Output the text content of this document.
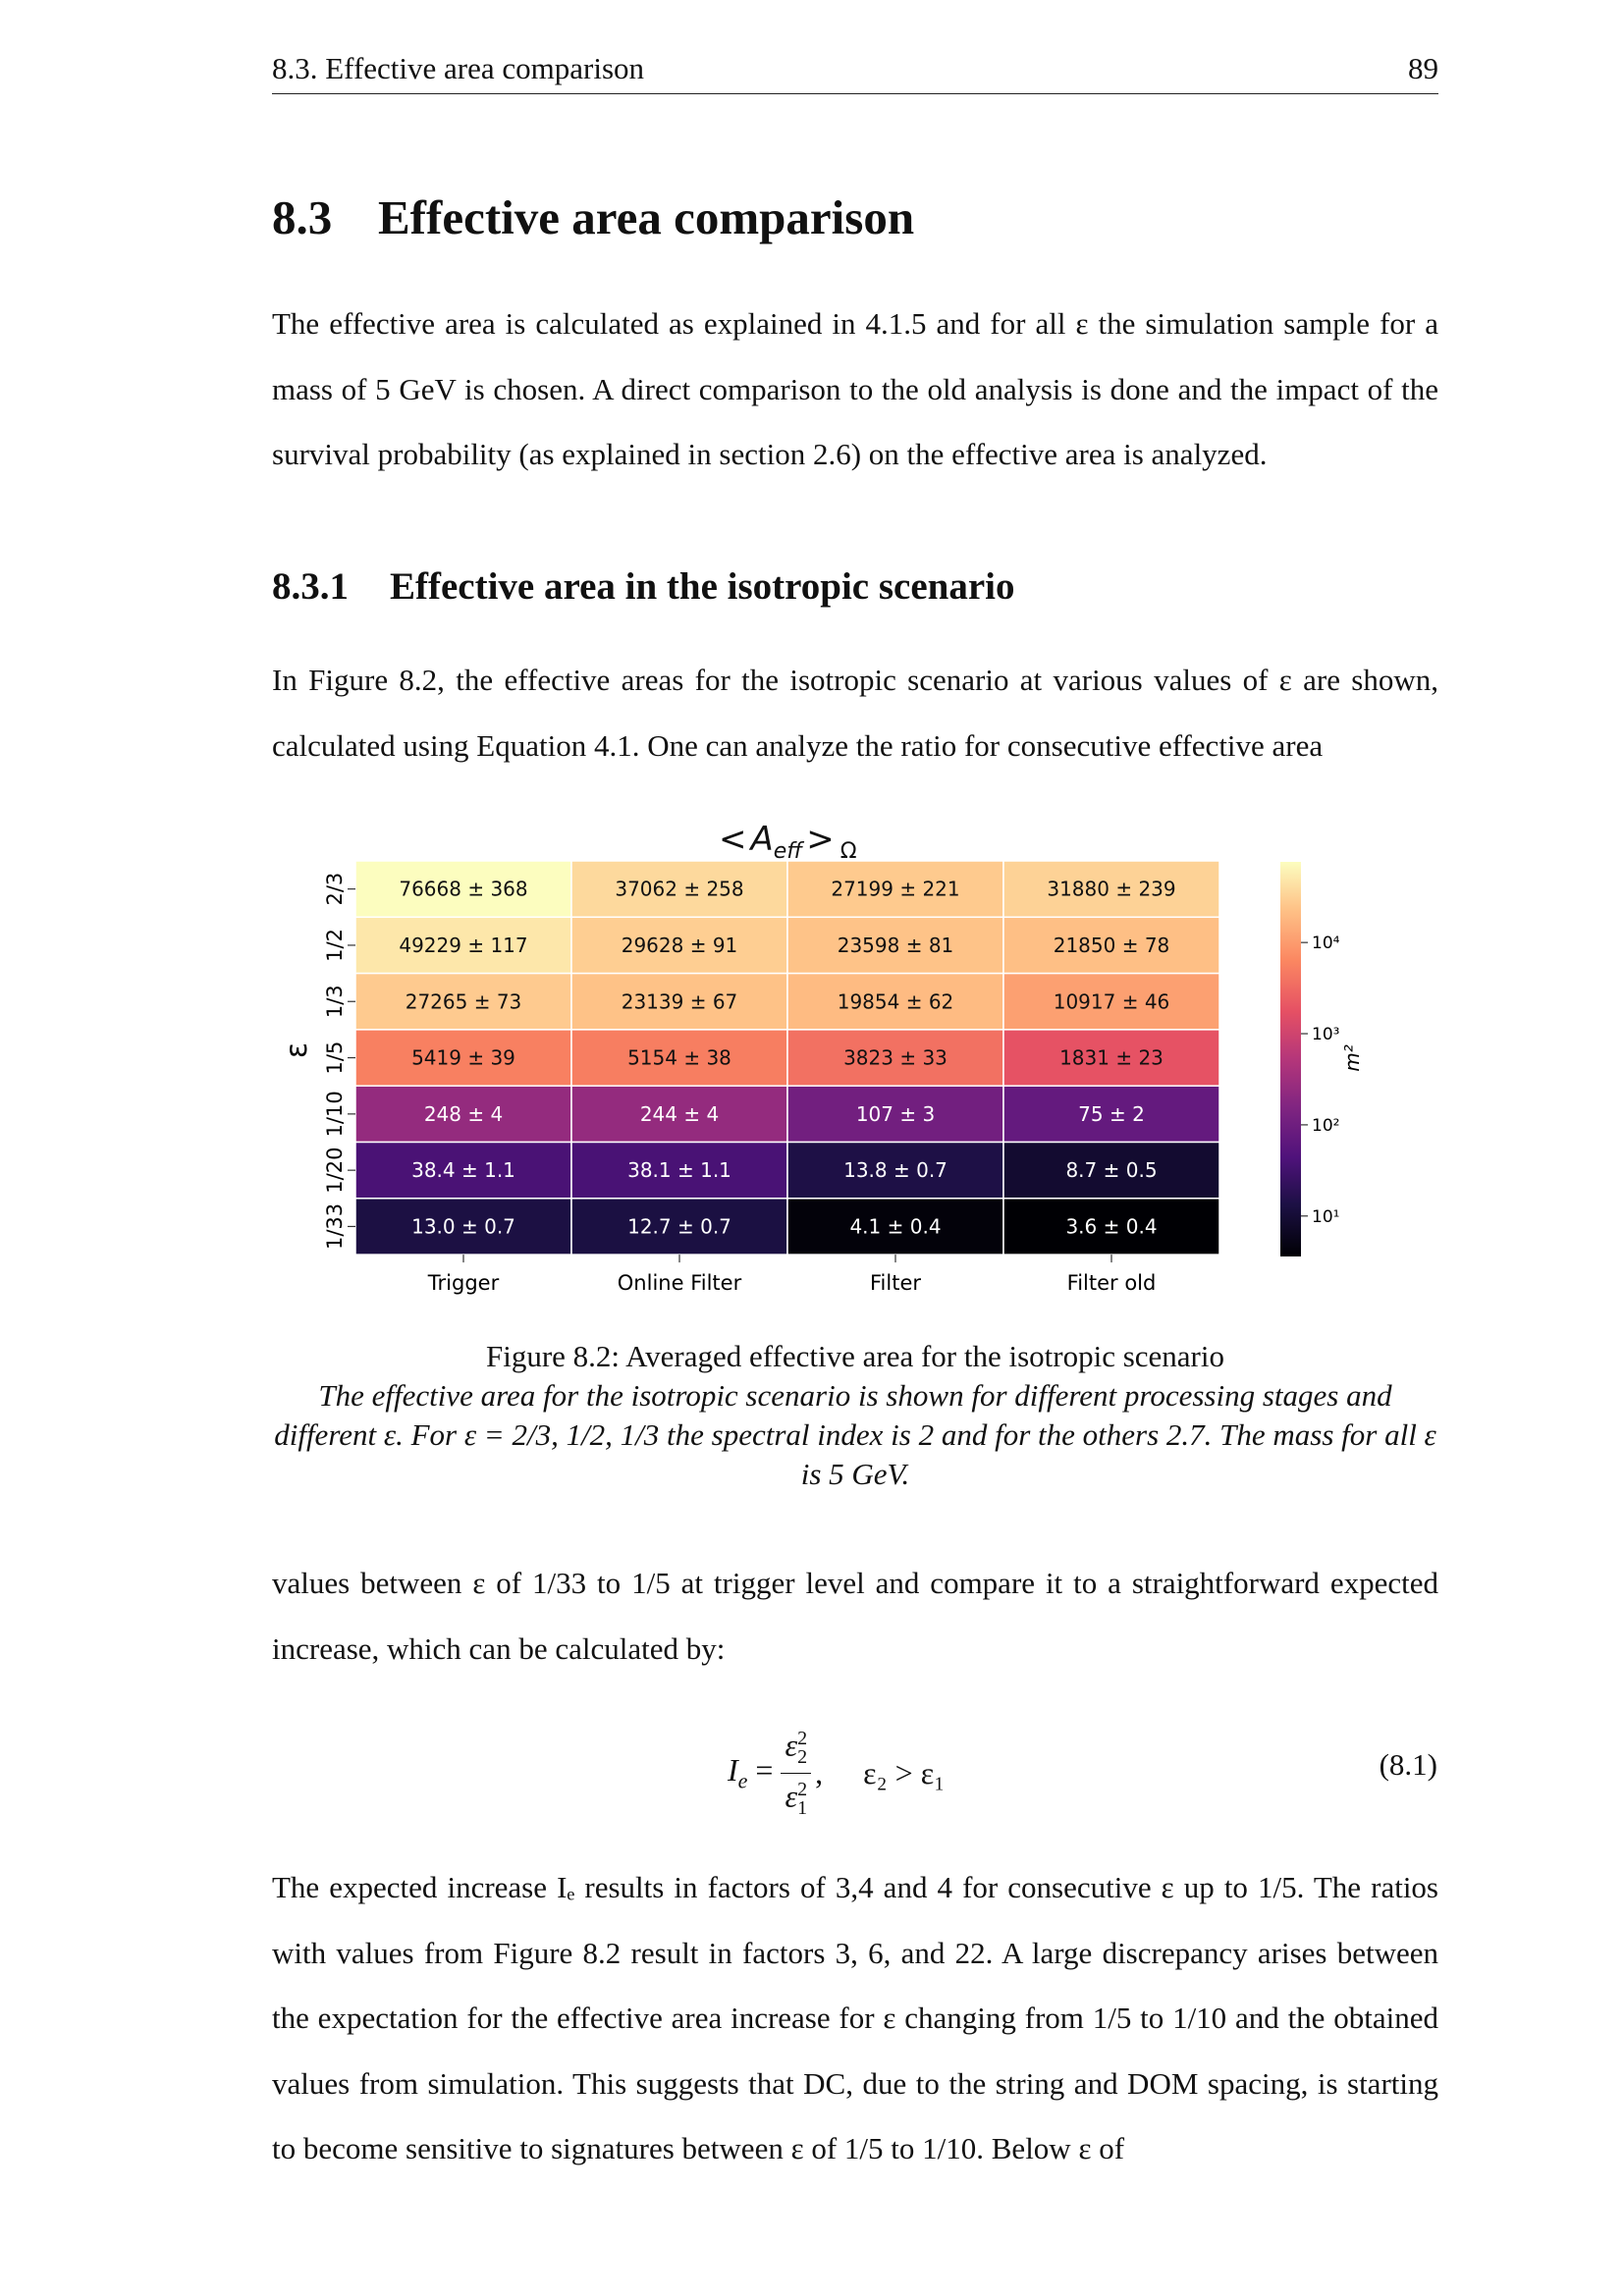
8.3. Effective area comparison	89
8.3 Effective area comparison
The effective area is calculated as explained in 4.1.5 and for all ε the simulation sample for a mass of 5 GeV is chosen. A direct comparison to the old analysis is done and the impact of the survival probability (as explained in section 2.6) on the effective area is analyzed.
8.3.1 Effective area in the isotropic scenario
In Figure 8.2, the effective areas for the isotropic scenario at various values of ε are shown, calculated using Equation 4.1. One can analyze the ratio for consecutive effective area
76668 ± 368	37062 ± 258	27199 ± 221	31880 ± 239
49229 ± 117	29628 ± 91	23598 ± 81	21850 ± 78
27265 ± 73	23139 ± 67	19854 ± 62	10917 ± 46
5419 ± 39	5154 ± 38	3823 ± 33	1831 ± 23
248 ± 4	244 ± 4	107 ± 3	75 ± 2
38.4 ± 1.1	38.1 ± 1.1	13.8 ± 0.7	8.7 ± 0.5
13.0 ± 0.7	12.7 ± 0.7	4.1 ± 0.4	3.6 ± 0.4
2/3
1/2
1/3
1/5
1/10
1/20
1/33
Trigger	Online Filter	Filter	Filter old
ε
10⁴
10³
10²
10¹
m²
< $A_{eff} > _\Omega$
Figure 8.2: Averaged effective area for the isotropic scenario
The effective area for the isotropic scenario is shown for different processing stages and different ε. For ε = 2/3, 1/2, 1/3 the spectral index is 2 and for the others 2.7. The mass for all ε is 5 GeV.
values between ε of 1/33 to 1/5 at trigger level and compare it to a straightforward expected increase, which can be calculated by:
$I_e$ =	$\varepsilon^2_2$	,	ε₂ > ε₁
$\varepsilon^2_1$
(8.1)
The expected increase Iₑ results in factors of 3,4 and 4 for consecutive ε up to 1/5. The ratios with values from Figure 8.2 result in factors 3, 6, and 22. A large discrepancy arises between the expectation for the effective area increase for ε changing from 1/5 to 1/10 and the obtained values from simulation. This suggests that DC, due to the string and DOM spacing, is starting to become sensitive to signatures between ε of 1/5 to 1/10. Below ε of
